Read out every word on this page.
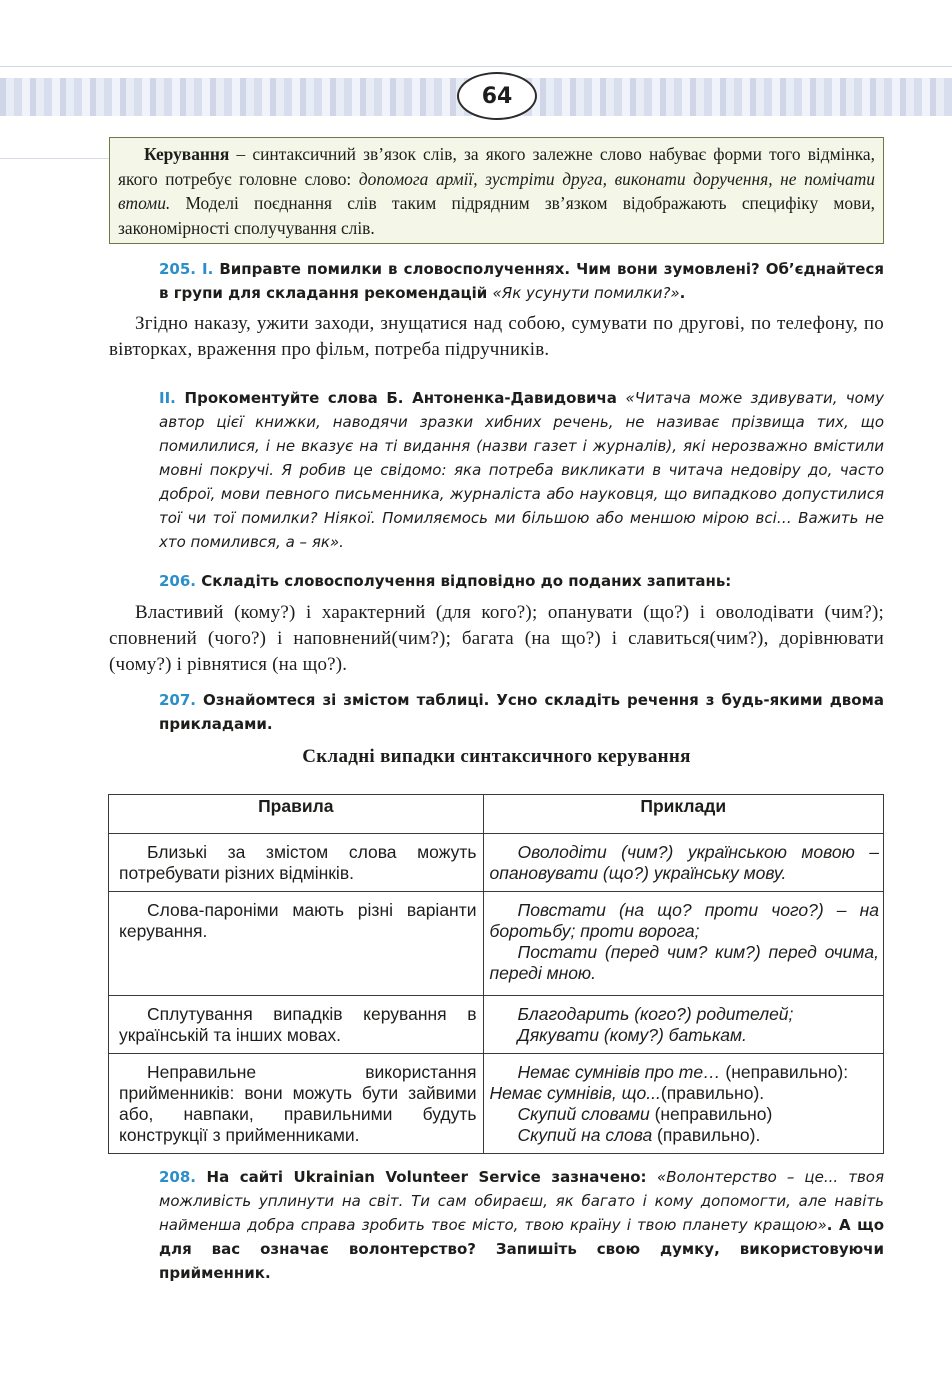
64
Керування – синтаксичний зв’язок слів, за якого залежне слово набуває форми того відмінка, якого потребує головне слово: допомога армії, зустріти друга, виконати доручення, не помічати втоми. Моделі поєднання слів таким підрядним зв’язком відображають специфіку мови, закономірності сполучування слів.
205. І. Виправте помилки в словосполученнях. Чим вони зумовлені? Об’єднайтеся в групи для складання рекомендацій «Як усунути помилки?».
Згідно наказу, ужити заходи, знущатися над собою, сумувати по другові, по телефону, по вівторках, враження про фільм, потреба підручників.
ІІ. Прокоментуйте слова Б. Антоненка-Давидовича «Читача може здивувати, чому автор цієї книжки, наводячи зразки хибних речень, не називає прізвища тих, що помилилися, і не вказує на ті видання (назви газет і журналів), які нерозважно вмістили мовні покручі. Я робив це свідомо: яка потреба викликати в читача недовіру до, часто доброї, мови певного письменника, журналіста або науковця, що випадково допустилися тої чи тої помилки? Ніякої. Помиляємось ми більшою або меншою мірою всі… Важить не хто помилився, а – як».
206. Складіть словосполучення відповідно до поданих запитань:
Властивий (кому?) і характерний (для кого?); опанувати (що?) і оволодівати (чим?); сповнений (чого?) і наповнений(чим?); багата (на що?) і славиться(чим?), дорівнювати (чому?) і рівнятися (на що?).
207. Ознайомтеся зі змістом таблиці. Усно складіть речення з будь-якими двома прикладами.
Складні випадки синтаксичного керування
Правила	Приклади

Близькі за змістом слова можуть потребувати різних відмінків.	Оволодіти (чим?) українською мовою – опановувати (що?) українську мову.

Слова-пароніми мають різні варіанти керування.	Повстати (на що? проти чого?) – на боротьбу; проти ворога;
Постати (перед чим? ким?) перед очима, переді мною.

Сплутування випадків керування в українській та інших мовах.	Благодарить (кого?) родителей;
Дякувати (кому?) батькам.

Неправильне використання прийменників: вони можуть бути зайвими або, навпаки, правильними будуть конструкції з прийменниками.	Немає сумнівів про те… (неправильно):
Немає сумнівів, що...(правильно).
Скупий словами (неправильно)
Скупий на слова (правильно).
208. На сайті Ukrainian Volunteer Service зазначено: «Волонтерство – це... твоя можливість уплинути на світ. Ти сам обираєш, як багато і кому допомогти, але навіть найменша добра справа зробить твоє місто, твою країну і твою планету кращою». А що для вас означає волонтерство? Запишіть свою думку, використовуючи прийменник.
